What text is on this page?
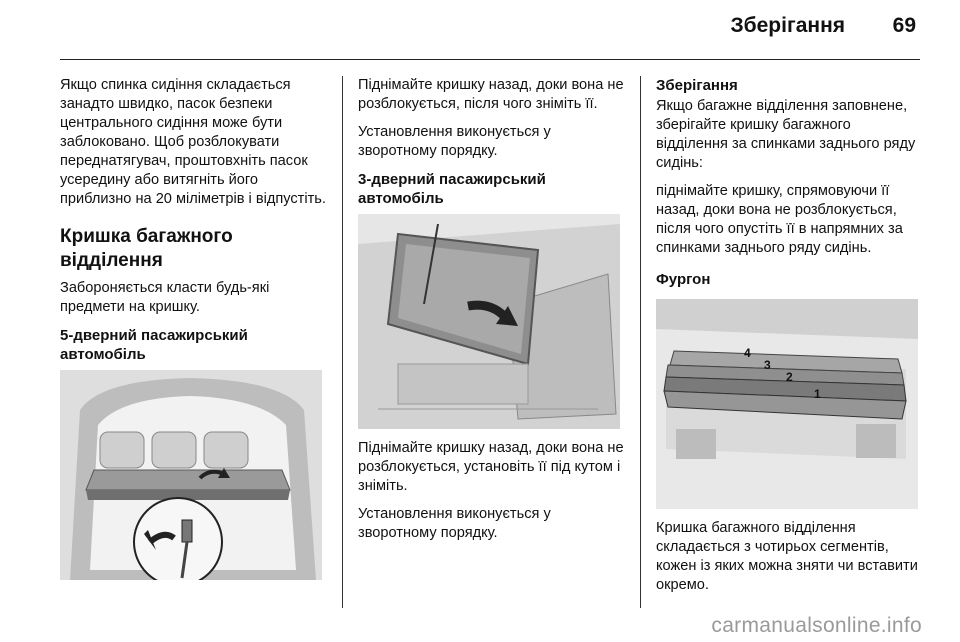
Зберігання 69

Якщо спинка сидіння складається занадто швидко, пасок безпеки центрального сидіння може бути заблоковано. Щоб розблокувати переднатягувач, проштовхніть пасок усередину або витягніть його приблизно на 20 міліметрів і відпустіть.

Кришка багажного відділення

Забороняється класти будь-які предмети на кришку.

5-дверний пасажирський автомобіль

Піднімайте кришку назад, доки вона не розблокується, після чого зніміть її.

Установлення виконується у зворотному порядку.

3-дверний пасажирський автомобіль

Піднімайте кришку назад, доки вона не розблокується, установіть її під кутом і зніміть.

Установлення виконується у зворотному порядку.

Зберігання

Якщо багажне відділення заповнене, зберігайте кришку багажного відділення за спинками заднього ряду сидінь:

піднімайте кришку, спрямовуючи її назад, доки вона не розблокується, після чого опустіть її в напрямних за спинками заднього ряду сидінь.

Фургон
4
3
2
1

Кришка багажного відділення складається з чотирьох сегментів, кожен із яких можна зняти чи вставити окремо.

carmanualsonline.info
